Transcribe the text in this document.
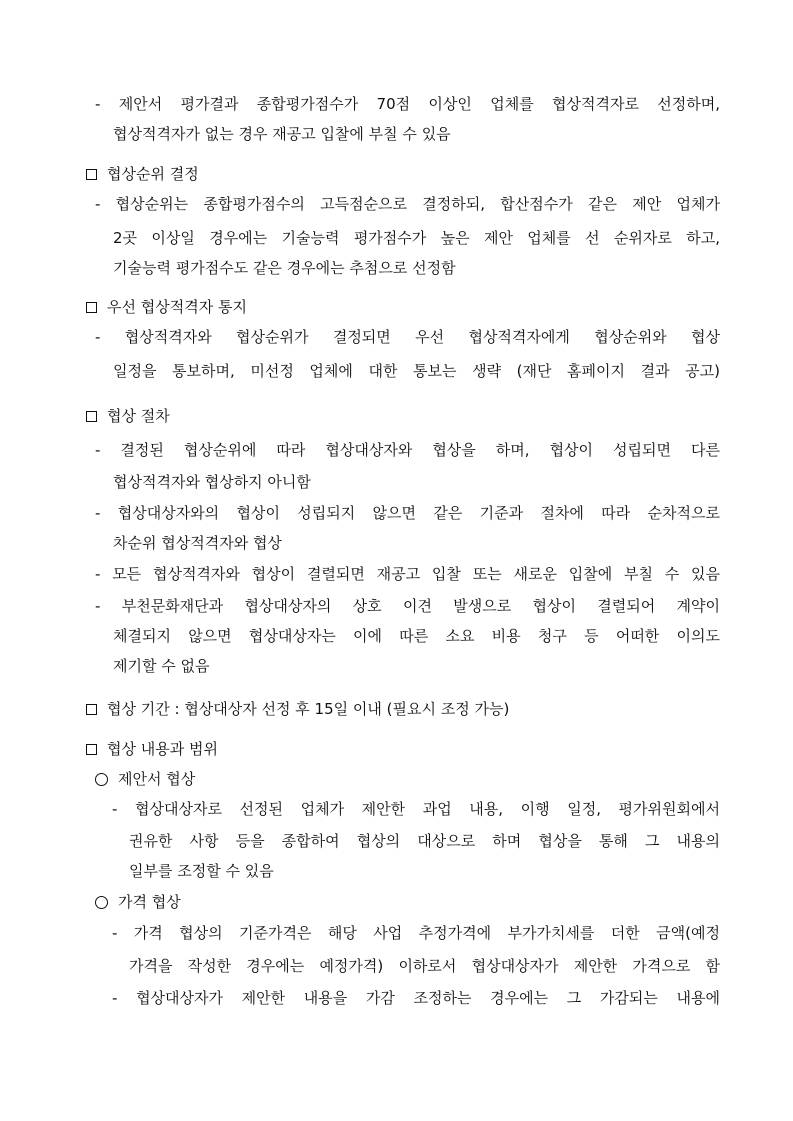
- 제안서 평가결과 종합평가점수가 70점 이상인 업체를 협상적격자로 선정하며,

협상적격자가 없는 경우 재공고 입찰에 부칠 수 있음

협상순위 결정

- 협상순위는 종합평가점수의 고득점순으로 결정하되, 합산점수가 같은 제안 업체가

2곳 이상일 경우에는 기술능력 평가점수가 높은 제안 업체를 선 순위자로 하고,

기술능력 평가점수도 같은 경우에는 추첨으로 선정함

우선 협상적격자 통지

- 협상적격자와 협상순위가 결정되면 우선 협상적격자에게 협상순위와 협상

일정을 통보하며, 미선정 업체에 대한 통보는 생략 (재단 홈페이지 결과 공고)

협상 절차

- 결정된 협상순위에 따라 협상대상자와 협상을 하며, 협상이 성립되면 다른

협상적격자와 협상하지 아니함

- 협상대상자와의 협상이 성립되지 않으면 같은 기준과 절차에 따라 순차적으로

차순위 협상적격자와 협상

- 모든 협상적격자와 협상이 결렬되면 재공고 입찰 또는 새로운 입찰에 부칠 수 있음

- 부천문화재단과 협상대상자의 상호 이견 발생으로 협상이 결렬되어 계약이

체결되지 않으면 협상대상자는 이에 따른 소요 비용 청구 등 어떠한 이의도

제기할 수 없음

협상 기간 : 협상대상자 선정 후 15일 이내 (필요시 조정 가능)

협상 내용과 범위

제안서 협상

- 협상대상자로 선정된 업체가 제안한 과업 내용, 이행 일정, 평가위원회에서

권유한 사항 등을 종합하여 협상의 대상으로 하며 협상을 통해 그 내용의

일부를 조정할 수 있음

가격 협상

- 가격 협상의 기준가격은 해당 사업 추정가격에 부가가치세를 더한 금액(예정

가격을 작성한 경우에는 예정가격) 이하로서 협상대상자가 제안한 가격으로 함

- 협상대상자가 제안한 내용을 가감 조정하는 경우에는 그 가감되는 내용에
